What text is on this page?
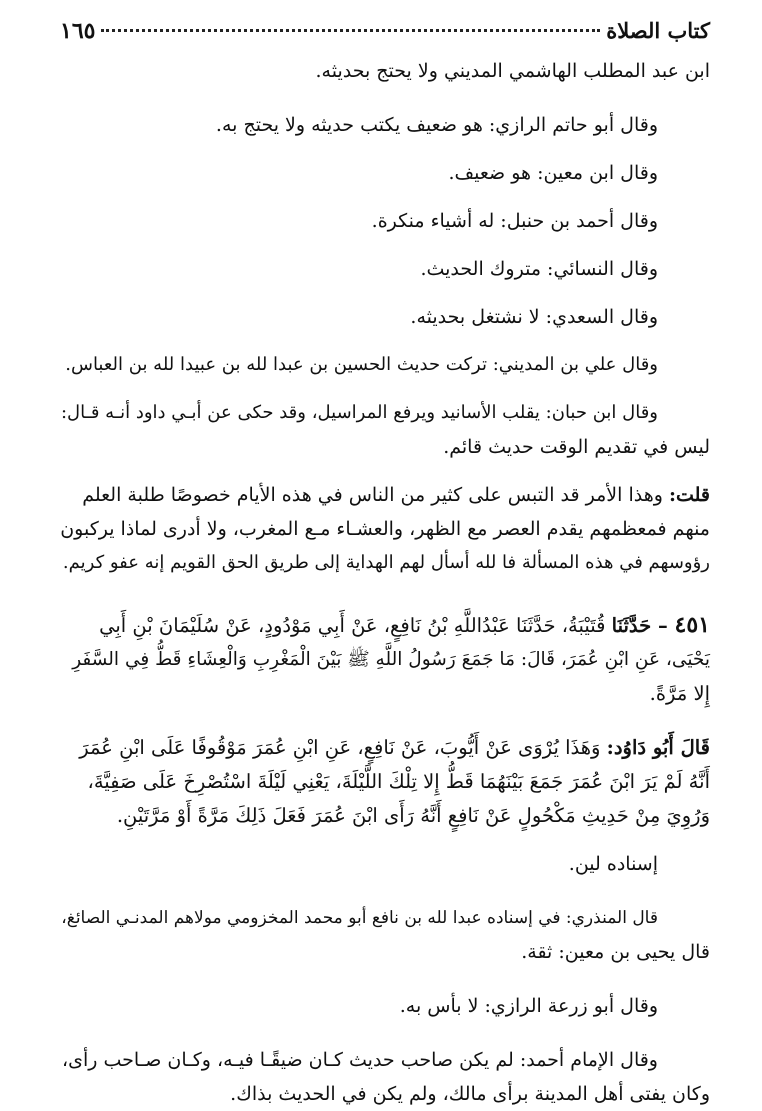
كتاب الصلاة
١٦٥
ابن عبد المطلب الهاشمي المديني ولا يحتج بحديثه.
وقال أبو حاتم الرازي: هو ضعيف يكتب حديثه ولا يحتج به.
وقال ابن معين: هو ضعيف.
وقال أحمد بن حنبل: له أشياء منكرة.
وقال النسائي: متروك الحديث.
وقال السعدي: لا نشتغل بحديثه.
وقال علي بن المديني: تركت حديث الحسين بن عبدا لله بن عبيدا لله بن العباس.
وقال ابن حبان: يقلب الأسانيد ويرفع المراسيل، وقد حكى عن أبـي داود أنـه قـال:
ليس في تقديم الوقت حديث قائم.
قلت: وهذا الأمر قد التبس على كثير من الناس في هذه الأيام خصوصًا طلبة العلم
منهم فمعظمهم يقدم العصر مع الظهر، والعشـاء مـع المغرب، ولا أدرى لماذا يركبون
رؤوسهم في هذه المسألة فا لله أسأل لهم الهداية إلى طريق الحق القويم إنه عفو كريم.
٤٥١ – حَدَّثَنَا قُتَيْبَةُ، حَدَّثَنَا عَبْدُاللَّهِ بْنُ نَافِعٍ، عَنْ أَبِي مَوْدُودٍ، عَنْ سُلَيْمَانَ بْنِ أَبِي
يَحْيَى، عَنِ ابْنِ عُمَرَ، قَالَ: مَا جَمَعَ رَسُولُ اللَّهِ ﷺ بَيْنَ الْمَغْرِبِ وَالْعِشَاءِ قَطُّ فِي السَّفَرِ
إِلا مَرَّةً.
قَالَ أَبُو دَاوُد: وَهَذَا يُرْوَى عَنْ أَيُّوبَ، عَنْ نَافِعٍ، عَنِ ابْنِ عُمَرَ مَوْقُوفًا عَلَى ابْنِ عُمَرَ
أَنَّهُ لَمْ يَرَ ابْنَ عُمَرَ جَمَعَ بَيْنَهُمَا قَطُّ إِلا تِلْكَ اللَّيْلَةَ، يَعْنِي لَيْلَةَ اسْتُصْرِخَ عَلَى صَفِيَّةَ،
وَرُوِيَ مِنْ حَدِيثِ مَكْحُولٍ عَنْ نَافِعٍ أَنَّهُ رَأَى ابْنَ عُمَرَ فَعَلَ ذَلِكَ مَرَّةً أَوْ مَرَّتَيْنِ.
إسناده لين.
قال المنذري: في إسناده عبدا لله بن نافع أبو محمد المخزومي مولاهم المدنـي الصائغ،
قال يحيى بن معين: ثقة.
وقال أبو زرعة الرازي: لا بأس به.
وقال الإمام أحمد: لم يكن صاحب حديث كـان ضيقًـا فيـه، وكـان صـاحب رأى،
وكان يفتى أهل المدينة برأى مالك، ولم يكن في الحديث بذاك.
